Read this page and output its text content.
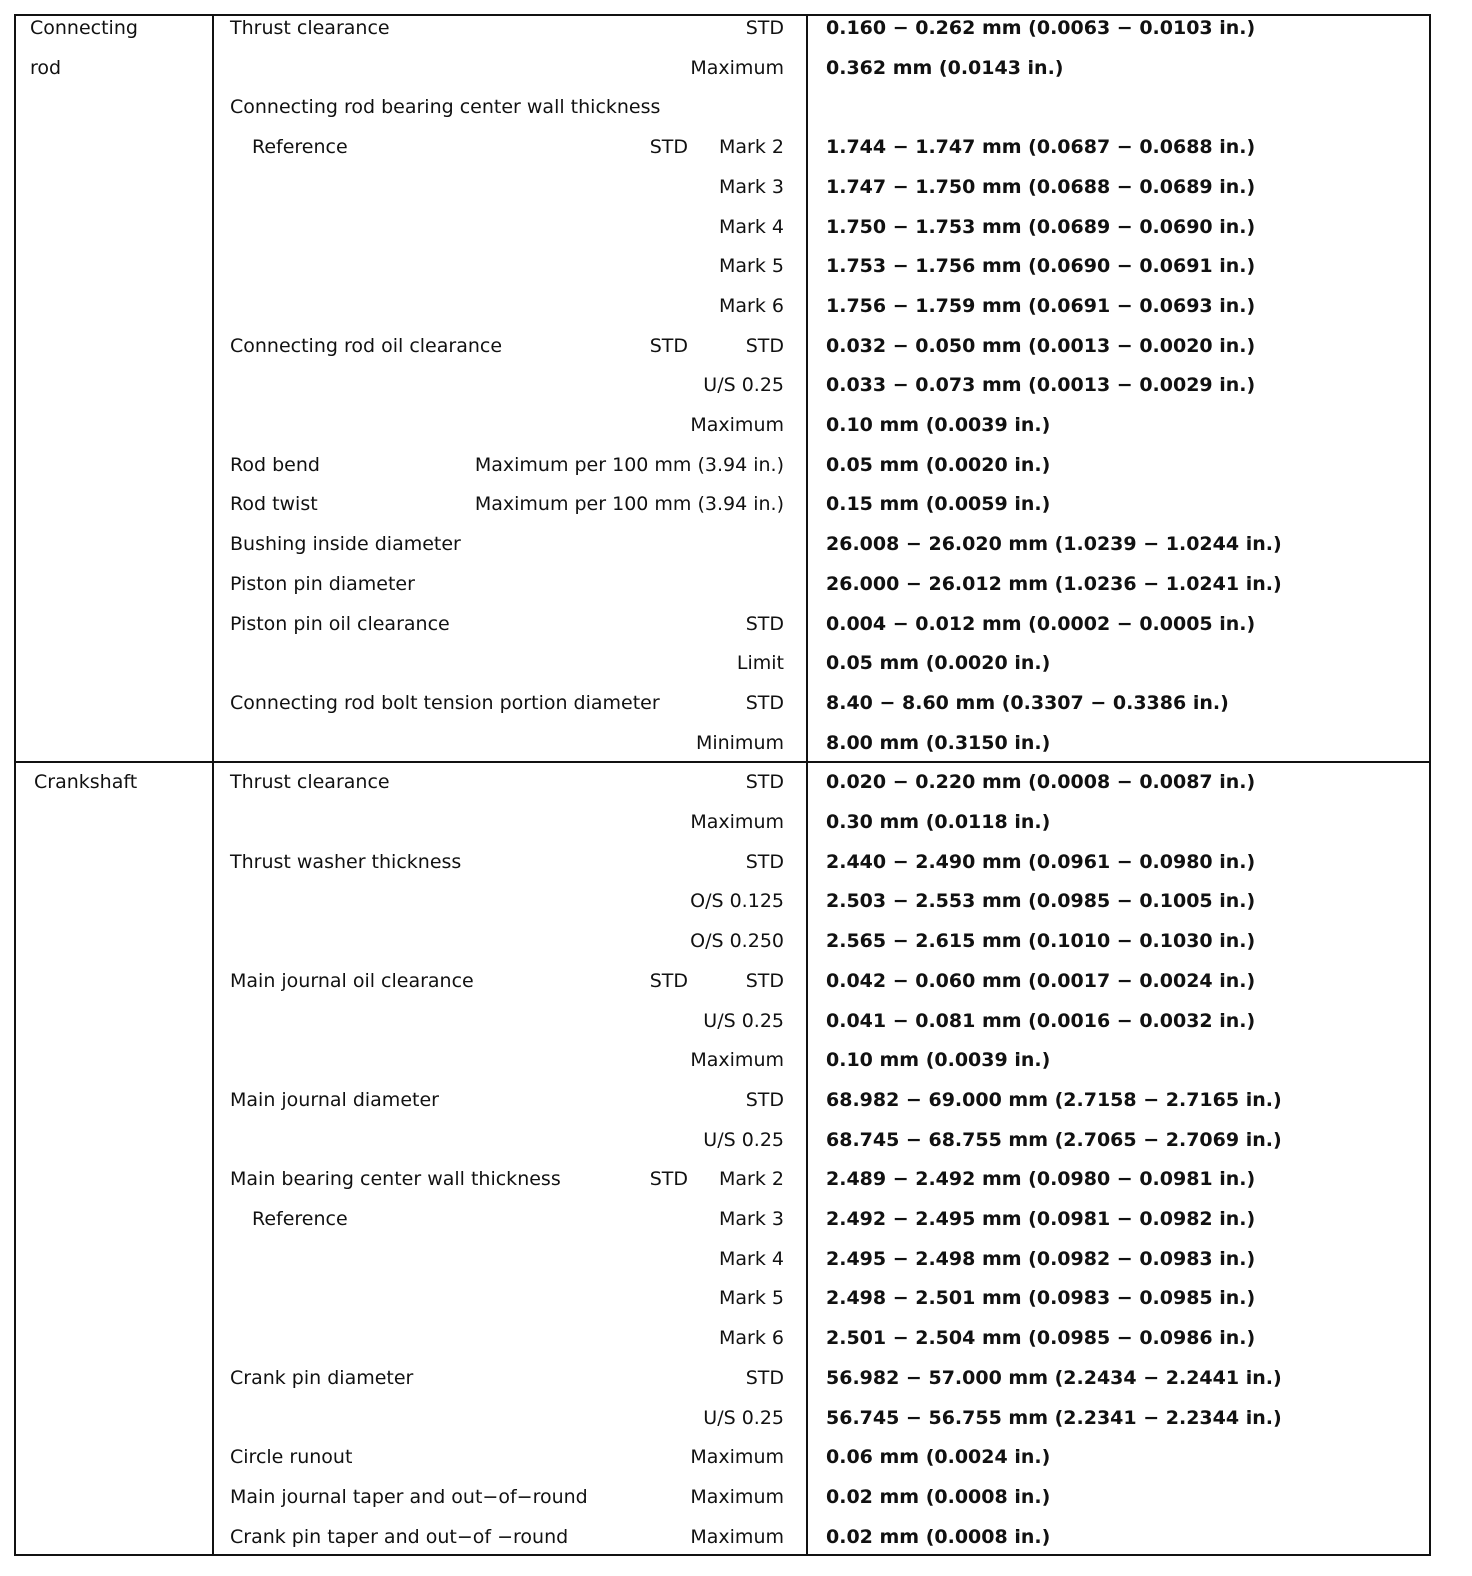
Connecting
rod
Thrust clearance	STD 0.160 − 0.262 mm (0.0063 − 0.0103 in.)
Maximum 0.362 mm (0.0143 in.)
Connecting rod bearing center wall thickness
Reference	STD Mark 2 1.744 − 1.747 mm (0.0687 − 0.0688 in.)
Mark 3 1.747 − 1.750 mm (0.0688 − 0.0689 in.)
Mark 4 1.750 − 1.753 mm (0.0689 − 0.0690 in.)
Mark 5 1.753 − 1.756 mm (0.0690 − 0.0691 in.)
Mark 6 1.756 − 1.759 mm (0.0691 − 0.0693 in.)
Connecting rod oil clearance	STD	STD 0.032 − 0.050 mm (0.0013 − 0.0020 in.)
U/S 0.25 0.033 − 0.073 mm (0.0013 − 0.0029 in.)
Maximum 0.10 mm (0.0039 in.)
Rod bend	Maximum per 100 mm (3.94 in.) 0.05 mm (0.0020 in.)
Rod twist	Maximum per 100 mm (3.94 in.) 0.15 mm (0.0059 in.)
Bushing inside diameter	26.008 − 26.020 mm (1.0239 − 1.0244 in.)
Piston pin diameter	26.000 − 26.012 mm (1.0236 − 1.0241 in.)
Piston pin oil clearance	STD 0.004 − 0.012 mm (0.0002 − 0.0005 in.)
Limit 0.05 mm (0.0020 in.)
Connecting rod bolt tension portion diameter	STD 8.40 − 8.60 mm (0.3307 − 0.3386 in.)
Minimum 8.00 mm (0.3150 in.)
Crankshaft	Thrust clearance	STD 0.020 − 0.220 mm (0.0008 − 0.0087 in.)
Maximum 0.30 mm (0.0118 in.)
Thrust washer thickness	STD 2.440 − 2.490 mm (0.0961 − 0.0980 in.)
O/S 0.125 2.503 − 2.553 mm (0.0985 − 0.1005 in.)
O/S 0.250 2.565 − 2.615 mm (0.1010 − 0.1030 in.)
Main journal oil clearance	STD	STD 0.042 − 0.060 mm (0.0017 − 0.0024 in.)
U/S 0.25 0.041 − 0.081 mm (0.0016 − 0.0032 in.)
Maximum 0.10 mm (0.0039 in.)
Main journal diameter	STD 68.982 − 69.000 mm (2.7158 − 2.7165 in.)
U/S 0.25 68.745 − 68.755 mm (2.7065 − 2.7069 in.)
Main bearing center wall thickness	STD Mark 2 2.489 − 2.492 mm (0.0980 − 0.0981 in.)
Reference	Mark 3 2.492 − 2.495 mm (0.0981 − 0.0982 in.)
Mark 4 2.495 − 2.498 mm (0.0982 − 0.0983 in.)
Mark 5 2.498 − 2.501 mm (0.0983 − 0.0985 in.)
Mark 6 2.501 − 2.504 mm (0.0985 − 0.0986 in.)
Crank pin diameter	STD 56.982 − 57.000 mm (2.2434 − 2.2441 in.)
U/S 0.25 56.745 − 56.755 mm (2.2341 − 2.2344 in.)
Circle runout	Maximum 0.06 mm (0.0024 in.)
Main journal taper and out−of−round	Maximum 0.02 mm (0.0008 in.)
Crank pin taper and out−of −round	Maximum 0.02 mm (0.0008 in.)
